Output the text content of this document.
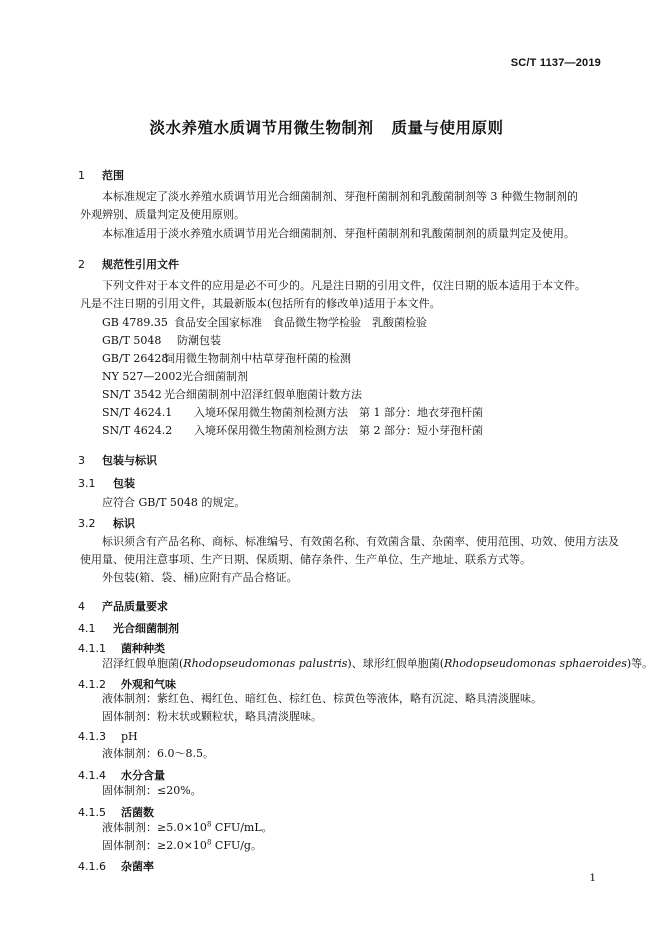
SC/T 1137—2019
淡水养殖水质调节用微生物制剂 质量与使用原则
1 范围
本标准规定了淡水养殖水质调节用光合细菌制剂、芽孢杆菌制剂和乳酸菌制剂等 3 种微生物制剂的
外观辨别、质量判定及使用原则。
本标准适用于淡水养殖水质调节用光合细菌制剂、芽孢杆菌制剂和乳酸菌制剂的质量判定及使用。
2 规范性引用文件
下列文件对于本文件的应用是必不可少的。凡是注日期的引用文件，仅注日期的版本适用于本文件。
凡是不注日期的引用文件，其最新版本(包括所有的修改单)适用于本文件。
GB 4789.35 食品安全国家标准　食品微生物学检验　乳酸菌检验
GB/T 5048 防潮包装
GB/T 26428饲用微生物制剂中枯草芽孢杆菌的检测
NY 527—2002光合细菌制剂
SN/T 3542 光合细菌制剂中沼泽红假单胞菌计数方法
SN/T 4624.1 入境环保用微生物菌剂检测方法　第 1 部分：地衣芽孢杆菌
SN/T 4624.2 入境环保用微生物菌剂检测方法　第 2 部分：短小芽孢杆菌
3 包装与标识
3.1 包装
应符合 GB/T 5048 的规定。
3.2 标识
标识须含有产品名称、商标、标准编号、有效菌名称、有效菌含量、杂菌率、使用范围、功效、使用方法及
使用量、使用注意事项、生产日期、保质期、储存条件、生产单位、生产地址、联系方式等。
外包装(箱、袋、桶)应附有产品合格证。
4 产品质量要求
4.1 光合细菌制剂
4.1.1 菌种种类
沼泽红假单胞菌(Rhodopseudomonas palustris)、球形红假单胞菌(Rhodopseudomonas sphaeroides)等。
4.1.2 外观和气味
液体制剂：紫红色、褐红色、暗红色、棕红色、棕黄色等液体，略有沉淀、略具清淡腥味。
固体制剂：粉末状或颗粒状，略具清淡腥味。
4.1.3 pH
液体制剂：6.0～8.5。
4.1.4 水分含量
固体制剂：≤20%。
4.1.5 活菌数
液体制剂：$\ge 5.0\times 10^8$ CFU/mL。
固体制剂：$\ge 2.0\times 10^8$ CFU/g。
4.1.6 杂菌率
1
